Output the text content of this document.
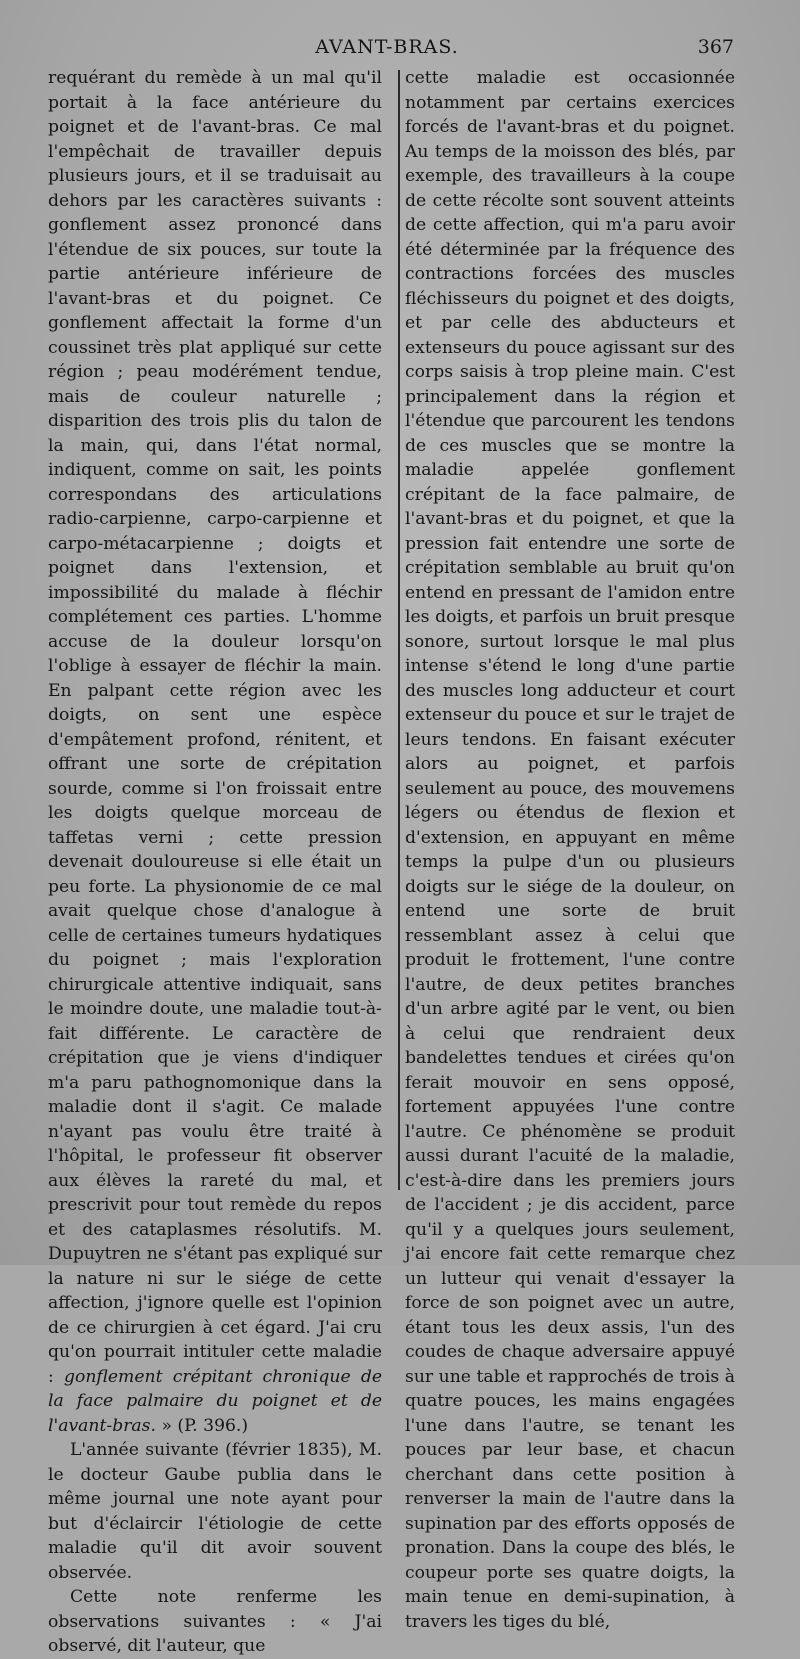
AVANT-BRAS.	367

requérant du remède à un mal qu'il portait à la face antérieure du poignet et de l'avant-bras. Ce mal l'empêchait de travailler depuis plusieurs jours, et il se traduisait au dehors par les caractères suivants : gonflement assez prononcé dans l'étendue de six pouces, sur toute la partie antérieure inférieure de l'avant-bras et du poignet. Ce gonflement affectait la forme d'un coussinet très plat appliqué sur cette région ; peau modérément tendue, mais de couleur naturelle ; disparition des trois plis du talon de la main, qui, dans l'état normal, indiquent, comme on sait, les points correspondans des articulations radio-carpienne, carpo-carpienne et carpo-métacarpienne ; doigts et poignet dans l'extension, et impossibilité du malade à fléchir complétement ces parties. L'homme accuse de la douleur lorsqu'on l'oblige à essayer de fléchir la main. En palpant cette région avec les doigts, on sent une espèce d'empâtement profond, rénitent, et offrant une sorte de crépitation sourde, comme si l'on froissait entre les doigts quelque morceau de taffetas verni ; cette pression devenait douloureuse si elle était un peu forte. La physionomie de ce mal avait quelque chose d'analogue à celle de certaines tumeurs hydatiques du poignet ; mais l'exploration chirurgicale attentive indiquait, sans le moindre doute, une maladie tout-à-fait différente. Le caractère de crépitation que je viens d'indiquer m'a paru pathognomonique dans la maladie dont il s'agit. Ce malade n'ayant pas voulu être traité à l'hôpital, le professeur fit observer aux élèves la rareté du mal, et prescrivit pour tout remède du repos et des cataplasmes résolutifs. M. Dupuytren ne s'étant pas expliqué sur la nature ni sur le siége de cette affection, j'ignore quelle est l'opinion de ce chirurgien à cet égard. J'ai cru qu'on pourrait intituler cette maladie : gonflement crépitant chronique de la face palmaire du poignet et de l'avant-bras. » (P. 396.)

L'année suivante (février 1835), M. le docteur Gaube publia dans le même journal une note ayant pour but d'éclaircir l'étiologie de cette maladie qu'il dit avoir souvent observée.

Cette note renferme les observations suivantes : « J'ai observé, dit l'auteur, que

cette maladie est occasionnée notamment par certains exercices forcés de l'avant-bras et du poignet. Au temps de la moisson des blés, par exemple, des travailleurs à la coupe de cette récolte sont souvent atteints de cette affection, qui m'a paru avoir été déterminée par la fréquence des contractions forcées des muscles fléchisseurs du poignet et des doigts, et par celle des abducteurs et extenseurs du pouce agissant sur des corps saisis à trop pleine main. C'est principalement dans la région et l'étendue que parcourent les tendons de ces muscles que se montre la maladie appelée gonflement crépitant de la face palmaire, de l'avant-bras et du poignet, et que la pression fait entendre une sorte de crépitation semblable au bruit qu'on entend en pressant de l'amidon entre les doigts, et parfois un bruit presque sonore, surtout lorsque le mal plus intense s'étend le long d'une partie des muscles long adducteur et court extenseur du pouce et sur le trajet de leurs tendons. En faisant exécuter alors au poignet, et parfois seulement au pouce, des mouvemens légers ou étendus de flexion et d'extension, en appuyant en même temps la pulpe d'un ou plusieurs doigts sur le siége de la douleur, on entend une sorte de bruit ressemblant assez à celui que produit le frottement, l'une contre l'autre, de deux petites branches d'un arbre agité par le vent, ou bien à celui que rendraient deux bandelettes tendues et cirées qu'on ferait mouvoir en sens opposé, fortement appuyées l'une contre l'autre. Ce phénomène se produit aussi durant l'acuité de la maladie, c'est-à-dire dans les premiers jours de l'accident ; je dis accident, parce qu'il y a quelques jours seulement, j'ai encore fait cette remarque chez un lutteur qui venait d'essayer la force de son poignet avec un autre, étant tous les deux assis, l'un des coudes de chaque adversaire appuyé sur une table et rapprochés de trois à quatre pouces, les mains engagées l'une dans l'autre, se tenant les pouces par leur base, et chacun cherchant dans cette position à renverser la main de l'autre dans la supination par des efforts opposés de pronation. Dans la coupe des blés, le coupeur porte ses quatre doigts, la main tenue en demi-supination, à travers les tiges du blé,
